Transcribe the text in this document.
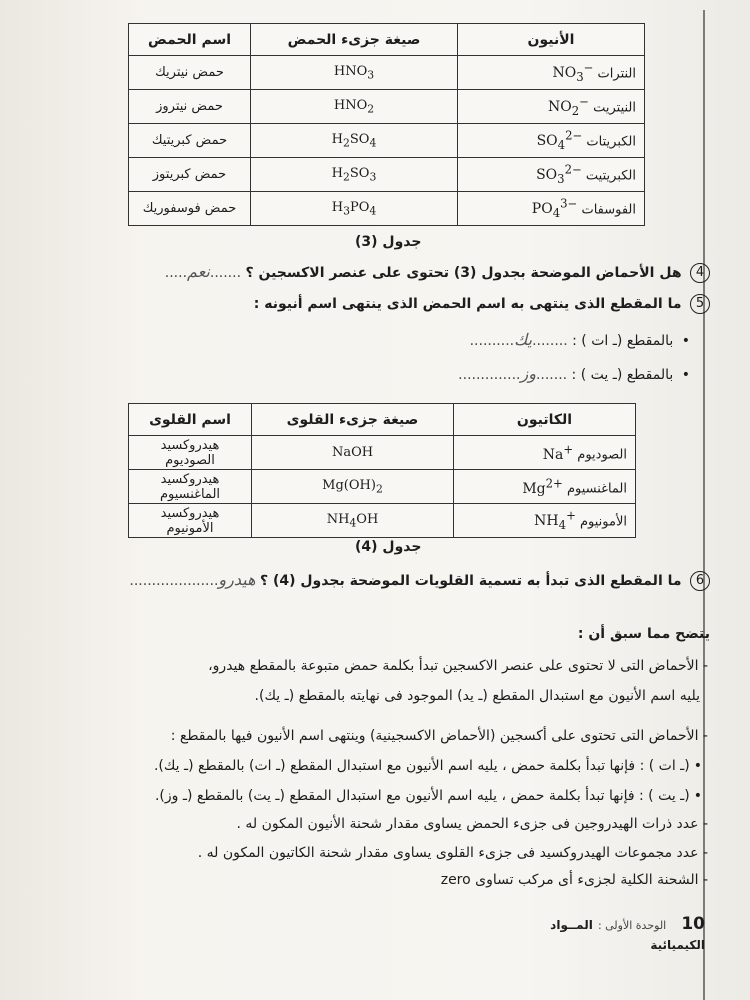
الأنيون	صيغة جزىء الحمض	اسم الحمض
النترات $NO_3^-$	$HNO_3$	حمض نيتريك
النيتريت $NO_2^-$	$HNO_2$	حمض نيتروز
الكبريتات $SO_4^{2-}$	$H_2SO_4$	حمض كبريتيك
الكبريتيت $SO_3^{2-}$	$H_2SO_3$	حمض كبريتوز
الفوسفات $PO_4^{3-}$	$H_3PO_4$	حمض فوسفوريك
جدول (3)
4 هل الأحماض الموضحة بجدول (3) تحتوى على عنصر الاكسجين ؟ .......نعم.....
5 ما المقطع الذى ينتهى به اسم الحمض الذى ينتهى اسم أنيونه :
• بالمقطع (ـ ات ) : ........يك..........
• بالمقطع (ـ يت ) : .......وز..............
الكاتيون	صيغة جزىء القلوى	اسم القلوى
الصوديوم Na+	NaOH	هيدروكسيد الصوديوم
الماغنسيوم $Mg^{2+}$	$Mg(OH)_2$	هيدروكسيد الماغنسيوم
الأمونيوم $NH_4^+$	$NH_4OH$	هيدروكسيد الأمونيوم
جدول (4)
6 ما المقطع الذى تبدأ به تسمية القلويات الموضحة بجدول (4) ؟ هيدرو....................
يتضح مما سبق أن :
- الأحماض التى لا تحتوى على عنصر الاكسجين تبدأ بكلمة حمض متبوعة بالمقطع هيدرو،
يليه اسم الأنيون مع استبدال المقطع (ـ يد) الموجود فى نهايته بالمقطع (ـ يك).
- الأحماض التى تحتوى على أكسجين (الأحماض الاكسجينية) وينتهى اسم الأنيون فيها بالمقطع :
•(ـ ات ) : فإنها تبدأ بكلمة حمض ، يليه اسم الأنيون مع استبدال المقطع (ـ ات) بالمقطع (ـ يك).
•(ـ يت ) : فإنها تبدأ بكلمة حمض ، يليه اسم الأنيون مع استبدال المقطع (ـ يت) بالمقطع (ـ وز).
- عدد ذرات الهيدروجين فى جزىء الحمض يساوى مقدار شحنة الأنيون المكون له .
- عدد مجموعات الهيدروكسيد فى جزىء القلوى يساوى مقدار شحنة الكاتيون المكون له .
- الشحنة الكلية لجزىء أى مركب تساوى zero
10 الوحدة الأولى : المــواد الكيميائية
